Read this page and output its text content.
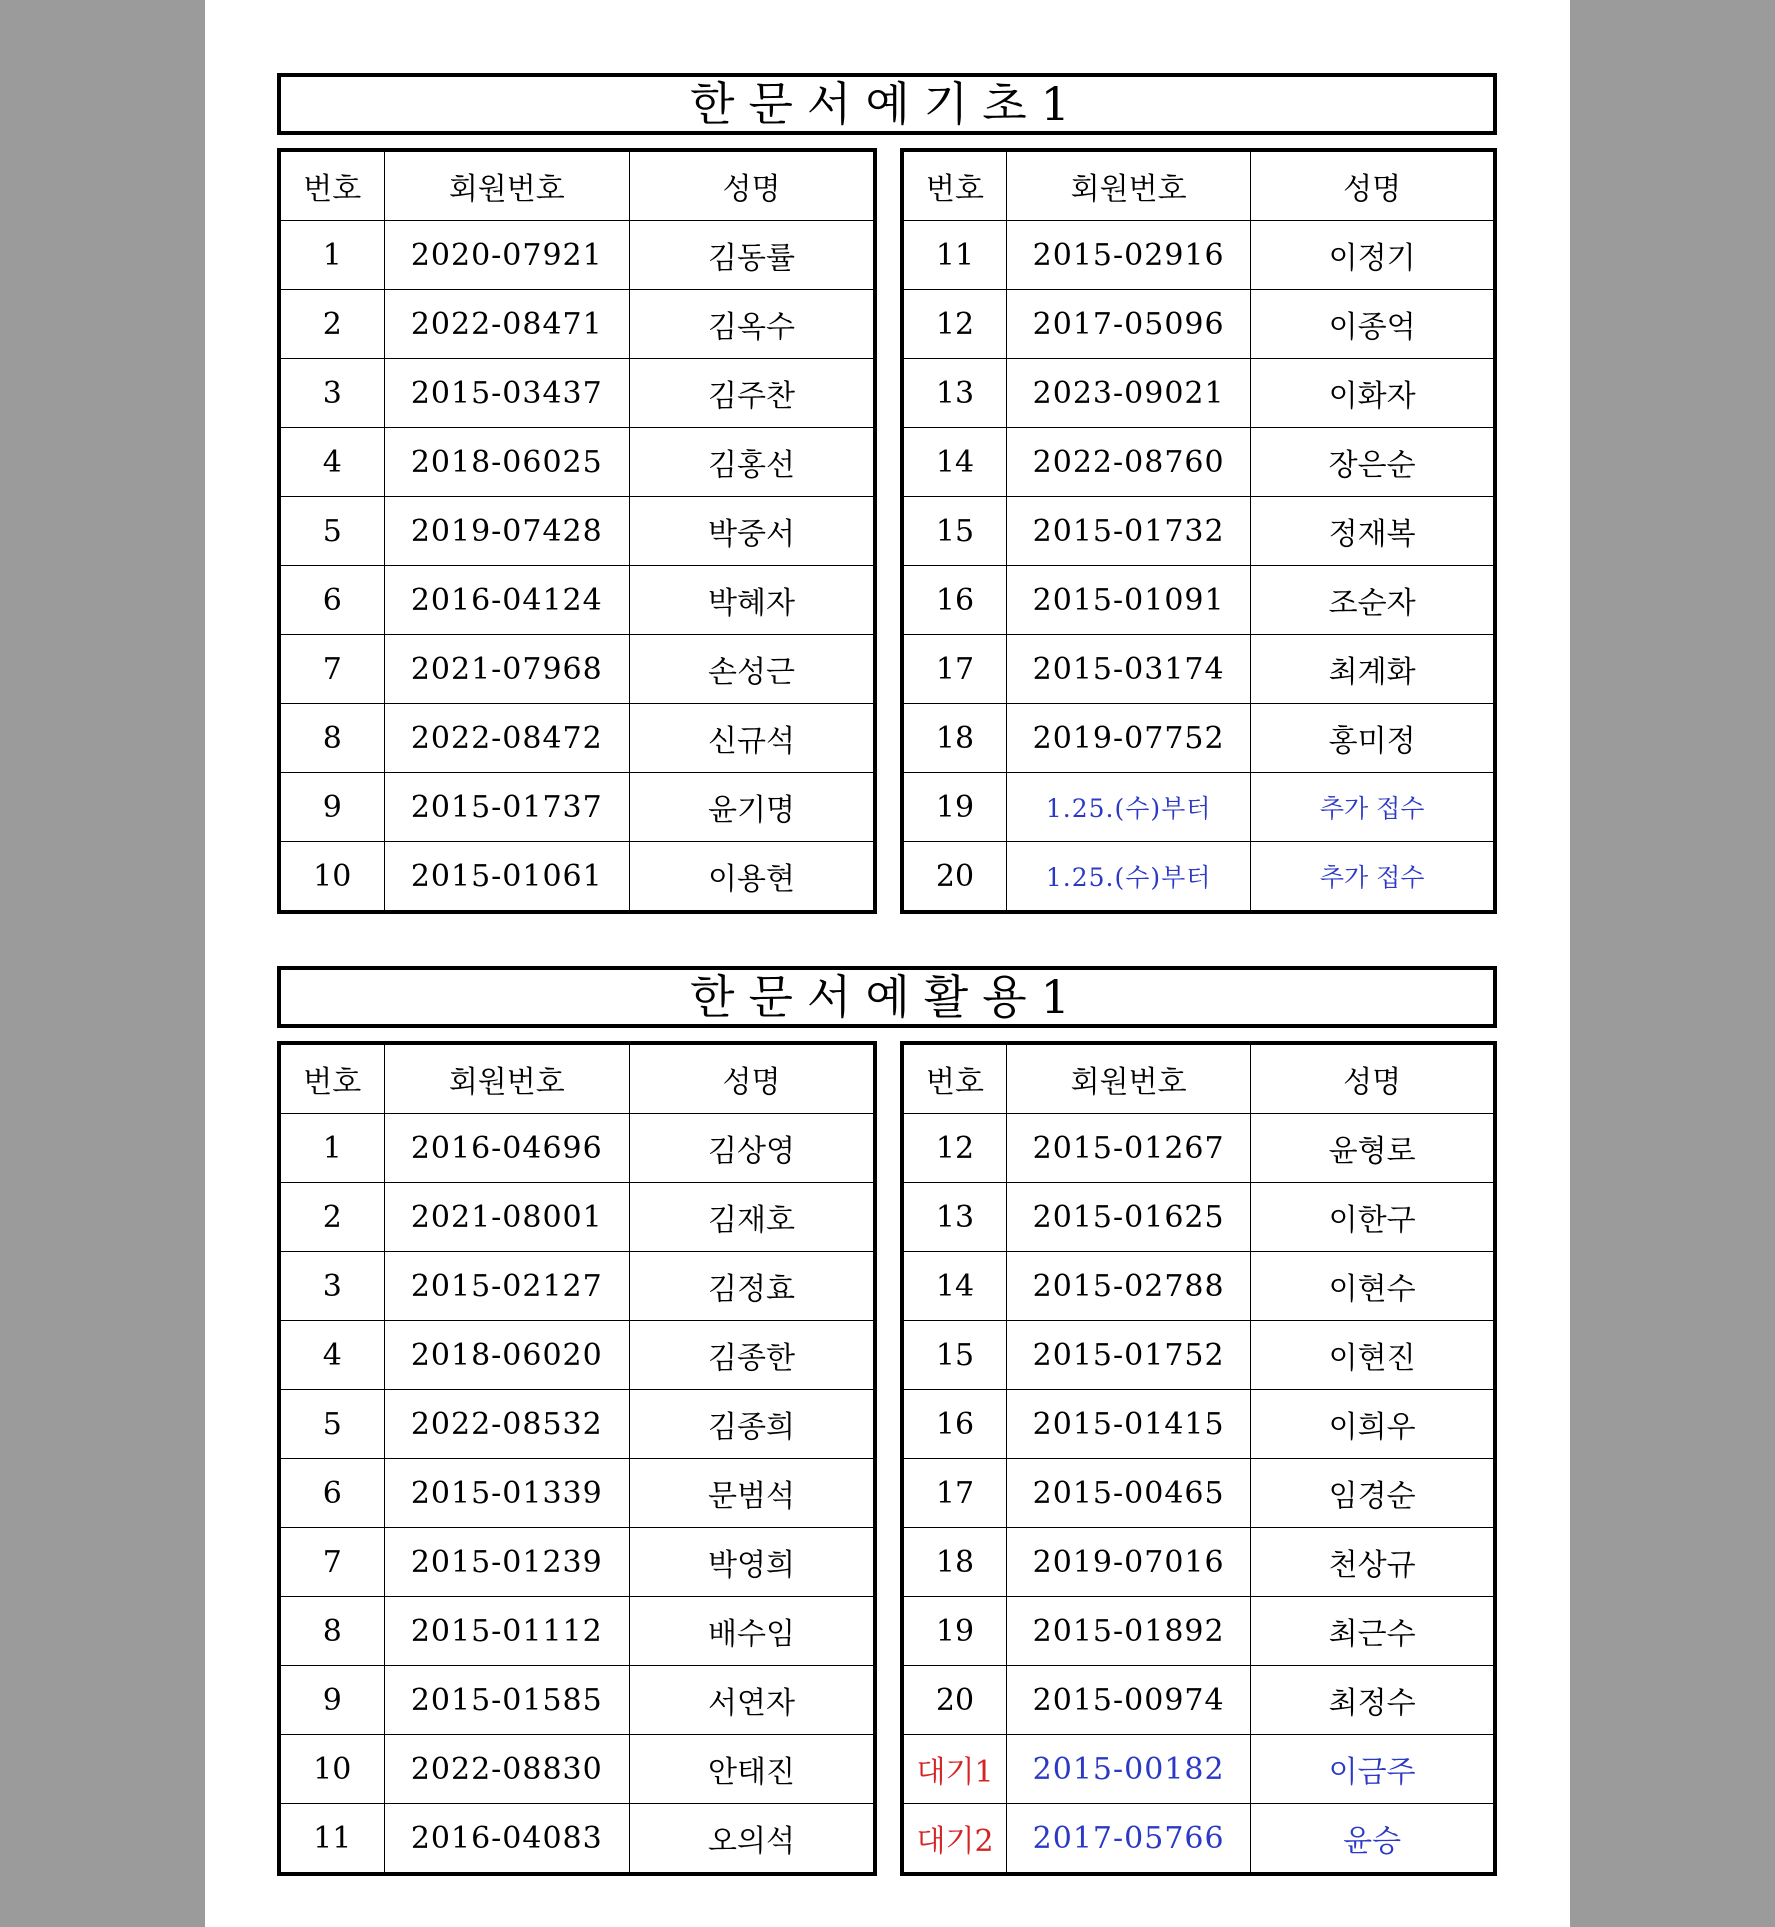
한문서예기초1
번호	회원번호	성명
1	2020-07921	김동률
2	2022-08471	김옥수
3	2015-03437	김주찬
4	2018-06025	김홍선
5	2019-07428	박중서
6	2016-04124	박혜자
7	2021-07968	손성근
8	2022-08472	신규석
9	2015-01737	윤기명
10	2015-01061	이용현
번호	회원번호	성명
11	2015-02916	이정기
12	2017-05096	이종억
13	2023-09021	이화자
14	2022-08760	장은순
15	2015-01732	정재복
16	2015-01091	조순자
17	2015-03174	최계화
18	2019-07752	홍미정
19	1.25.(수)부터	추가 접수
20	1.25.(수)부터	추가 접수
한문서예활용1
번호	회원번호	성명
1	2016-04696	김상영
2	2021-08001	김재호
3	2015-02127	김정효
4	2018-06020	김종한
5	2022-08532	김종희
6	2015-01339	문범석
7	2015-01239	박영희
8	2015-01112	배수임
9	2015-01585	서연자
10	2022-08830	안태진
11	2016-04083	오의석
번호	회원번호	성명
12	2015-01267	윤형로
13	2015-01625	이한구
14	2015-02788	이현수
15	2015-01752	이현진
16	2015-01415	이희우
17	2015-00465	임경순
18	2019-07016	천상규
19	2015-01892	최근수
20	2015-00974	최정수
대기1	2015-00182	이금주
대기2	2017-05766	윤승
